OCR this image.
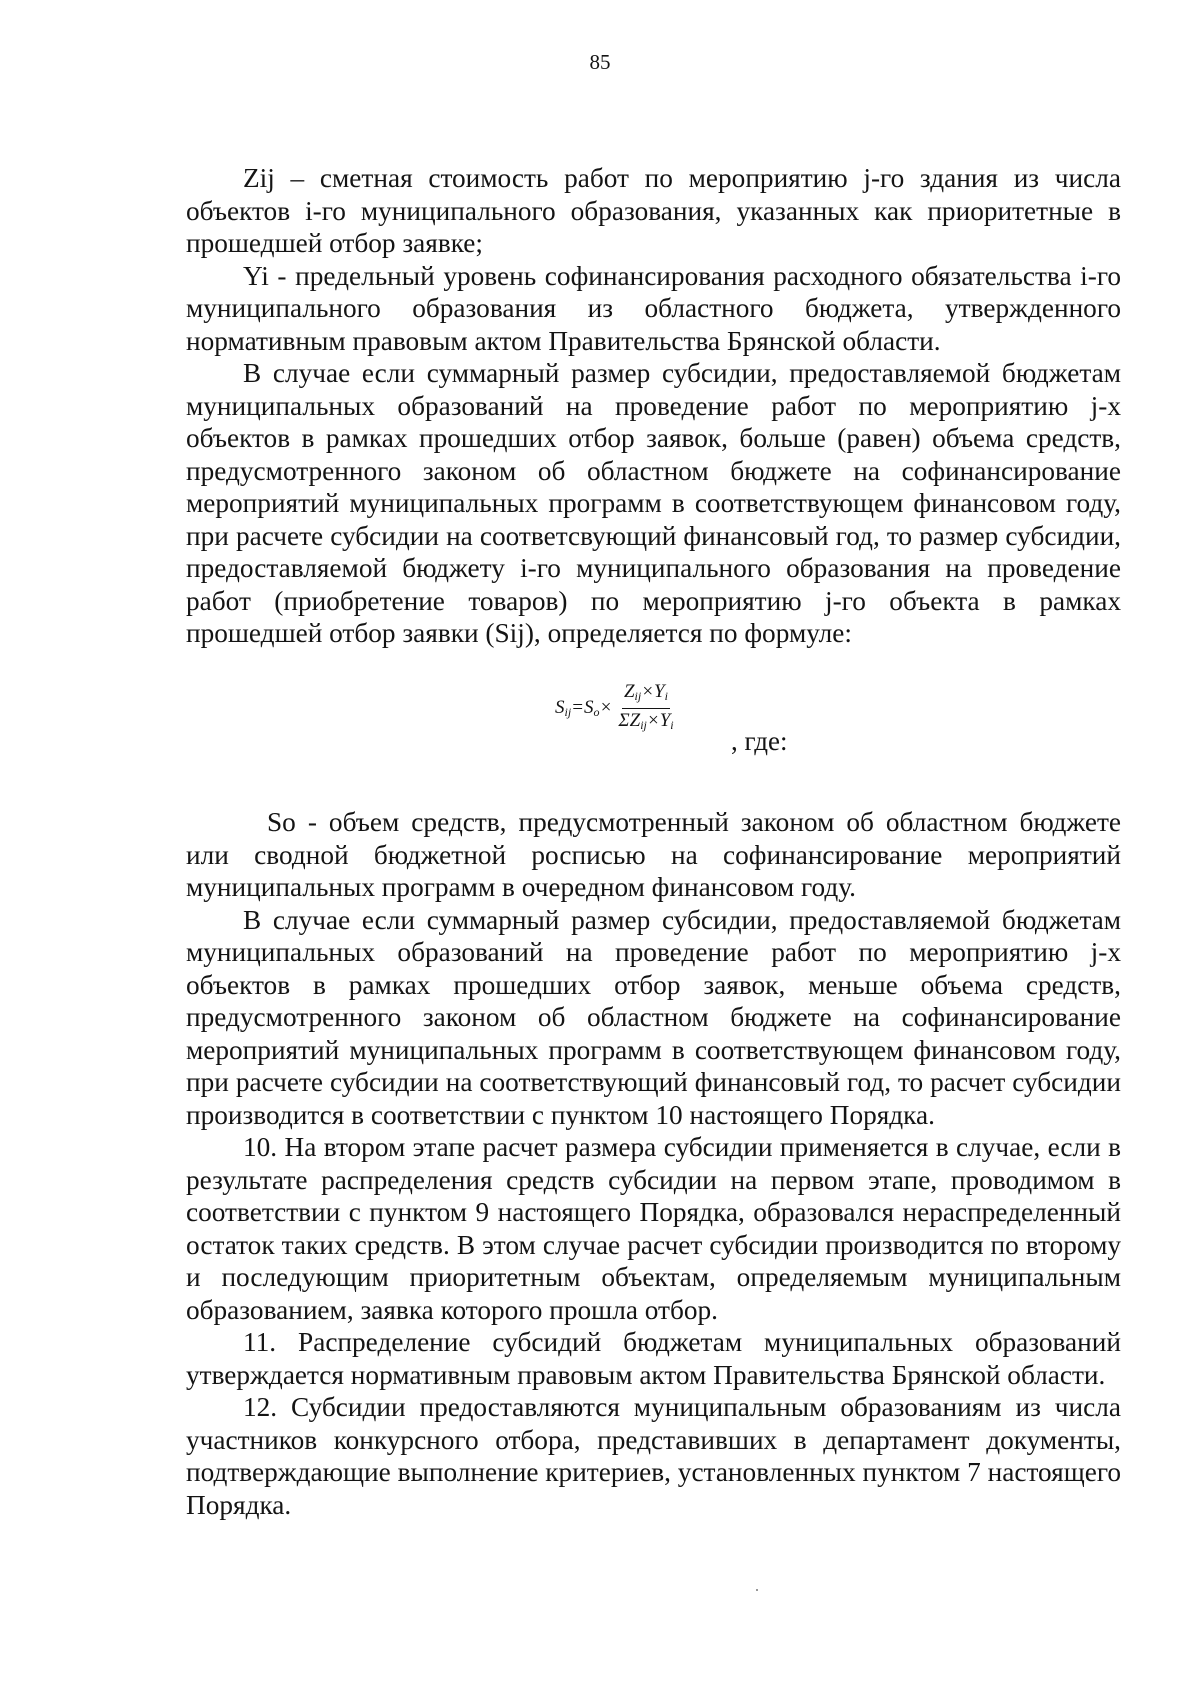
85

Zij – сметная стоимость работ по мероприятию j-го здания из числа объектов i-го муниципального образования, указанных как приоритетные в прошедшей отбор заявке;

Yi - предельный уровень софинансирования расходного обязательства i-го муниципального образования из областного бюджета, утвержденного нормативным правовым актом Правительства Брянской области.

В случае если суммарный размер субсидии, предоставляемой бюджетам муниципальных образований на проведение работ по мероприятию j-х объектов в рамках прошедших отбор заявок, больше (равен) объема средств, предусмотренного законом об областном бюджете на софинансирование мероприятий муниципальных программ в соответствующем финансовом году, при расчете субсидии на соответсвующий финансовый год, то размер субсидии, предоставляемой бюджету i-го муниципального образования на проведение работ (приобретение товаров) по мероприятию j-го объекта в рамках прошедшей отбор заявки (Sij), определяется по формуле:

$S_{ij}=S_o\times \frac{Z_{ij}\times Y_i}{\Sigma Z_{ij}\times Y_i}$
, где:

So - объем средств, предусмотренный законом об областном бюджете или сводной бюджетной росписью на софинансирование мероприятий муниципальных программ в очередном финансовом году.

В случае если суммарный размер субсидии, предоставляемой бюджетам муниципальных образований на проведение работ по мероприятию j-х объектов в рамках прошедших отбор заявок, меньше объема средств, предусмотренного законом об областном бюджете на софинансирование мероприятий муниципальных программ в соответствующем финансовом году, при расчете субсидии на соответствующий финансовый год, то расчет субсидии производится в соответствии с пунктом 10 настоящего Порядка.

10. На втором этапе расчет размера субсидии применяется в случае, если в результате распределения средств субсидии на первом этапе, проводимом в соответствии с пунктом 9 настоящего Порядка, образовался нераспределенный остаток таких средств. В этом случае расчет субсидии производится по второму и последующим приоритетным объектам, определяемым муниципальным образованием, заявка которого прошла отбор.

11. Распределение субсидий бюджетам муниципальных образований утверждается нормативным правовым актом Правительства Брянской области.

12. Субсидии предоставляются муниципальным образованиям из числа участников конкурсного отбора, представивших в департамент документы, подтверждающие выполнение критериев, установленных пунктом 7 настоящего Порядка.
